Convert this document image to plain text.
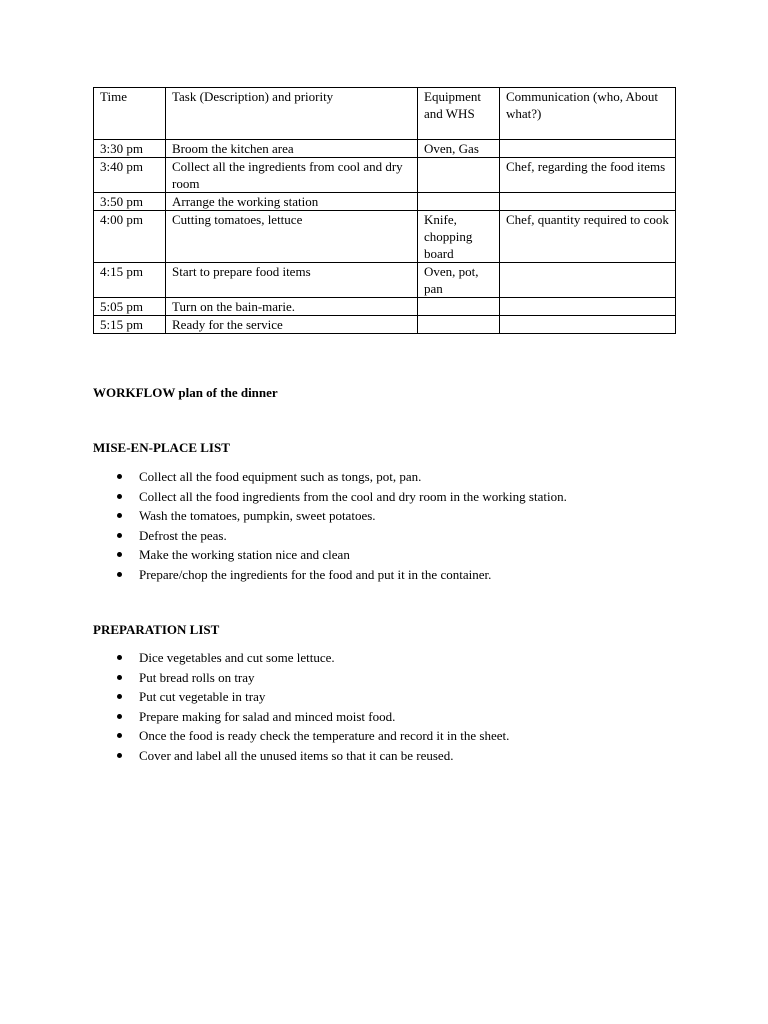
Time	Task (Description) and priority	Equipment and WHS	Communication (who, About what?)
3:30 pm	Broom the kitchen area	Oven, Gas	
3:40 pm	Collect all the ingredients from cool and dry room		Chef, regarding the food items
3:50 pm	Arrange the working station		
4:00 pm	Cutting tomatoes, lettuce	Knife, chopping board	Chef, quantity required to cook
4:15 pm	Start to prepare food items	Oven, pot, pan	
5:05 pm	Turn on the bain-marie.		
5:15 pm	Ready for the service		
WORKFLOW plan of the dinner
MISE-EN-PLACE LIST
Collect all the food equipment such as tongs, pot, pan.
Collect all the food ingredients from the cool and dry room in the working station.
Wash the tomatoes, pumpkin, sweet potatoes.
Defrost the peas.
Make the working station nice and clean
Prepare/chop the ingredients for the food and put it in the container.
PREPARATION LIST
Dice vegetables and cut some lettuce.
Put bread rolls on tray
Put cut vegetable in tray
Prepare making for salad and minced moist food.
Once the food is ready check the temperature and record it in the sheet.
Cover and label all the unused items so that it can be reused.
